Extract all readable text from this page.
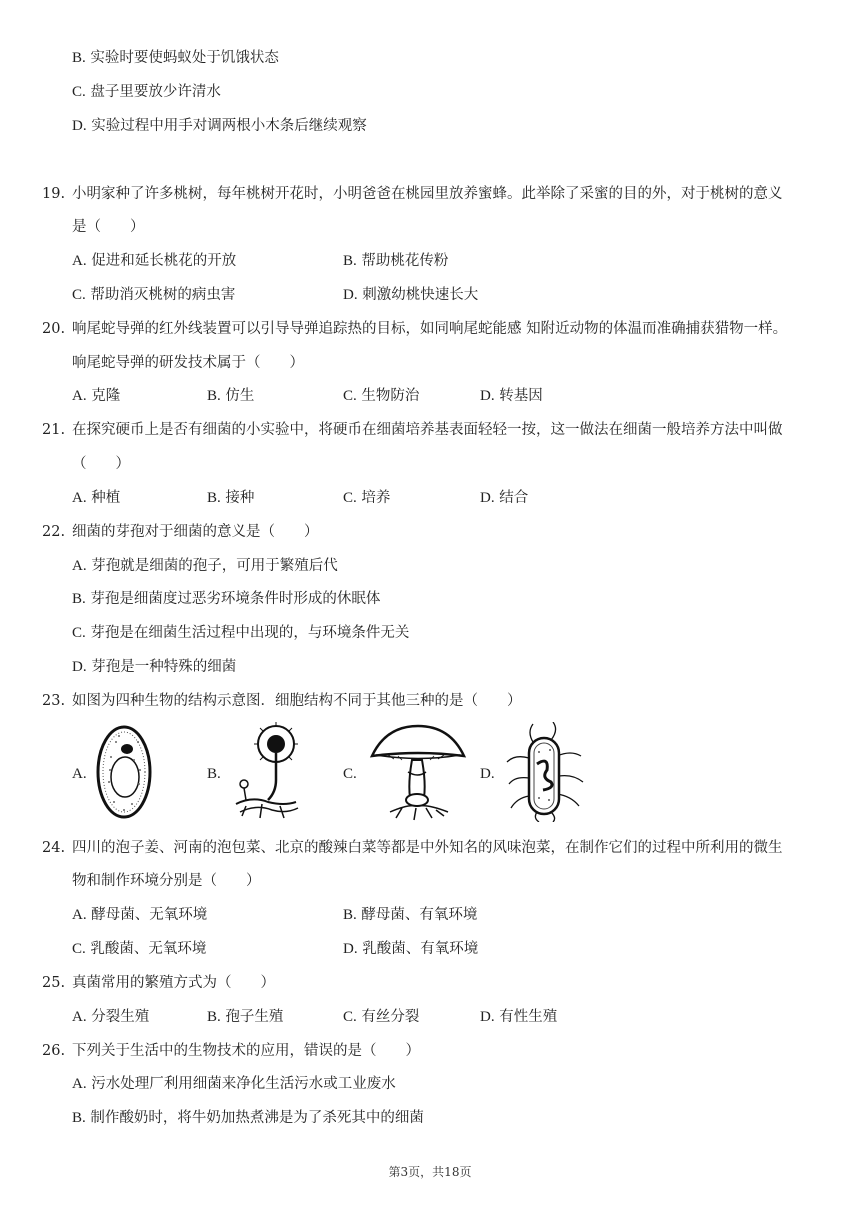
B. 实验时要使蚂蚁处于饥饿状态
C. 盘子里要放少许清水
D. 实验过程中用手对调两根小木条后继续观察
19. 小明家种了许多桃树，每年桃树开花时，小明爸爸在桃园里放养蜜蜂。此举除了采蜜的目的外，对于桃树的意义
是（　　）
A. 促进和延长桃花的开放	B. 帮助桃花传粉
C. 帮助消灭桃树的病虫害	D. 刺激幼桃快速长大
20. 响尾蛇导弹的红外线装置可以引导导弹追踪热的目标，如同响尾蛇能感 知附近动物的体温而准确捕获猎物一样。
响尾蛇导弹的研发技术属于（　　）
A. 克隆	B. 仿生	C. 生物防治	D. 转基因
21. 在探究硬币上是否有细菌的小实验中，将硬币在细菌培养基表面轻轻一按，这一做法在细菌一般培养方法中叫做
（　　）
A. 种植	B. 接种	C. 培养	D. 结合
22. 细菌的芽孢对于细菌的意义是（　　）
A. 芽孢就是细菌的孢子，可用于繁殖后代
B. 芽孢是细菌度过恶劣环境条件时形成的休眠体
C. 芽孢是在细菌生活过程中出现的，与环境条件无关
D. 芽孢是一种特殊的细菌
23. 如图为四种生物的结构示意图．细胞结构不同于其他三种的是（　　）
A.	B.	C.	D.
24. 四川的泡子姜、河南的泡包菜、北京的酸辣白菜等都是中外知名的风味泡菜，在制作它们的过程中所利用的微生
物和制作环境分别是（　　）
A. 酵母菌、无氧环境	B. 酵母菌、有氧环境
C. 乳酸菌、无氧环境	D. 乳酸菌、有氧环境
25. 真菌常用的繁殖方式为（　　）
A. 分裂生殖	B. 孢子生殖	C. 有丝分裂	D. 有性生殖
26. 下列关于生活中的生物技术的应用，错误的是（　　）
A. 污水处理厂利用细菌来净化生活污水或工业废水
B. 制作酸奶时，将牛奶加热煮沸是为了杀死其中的细菌
第3页，共18页
